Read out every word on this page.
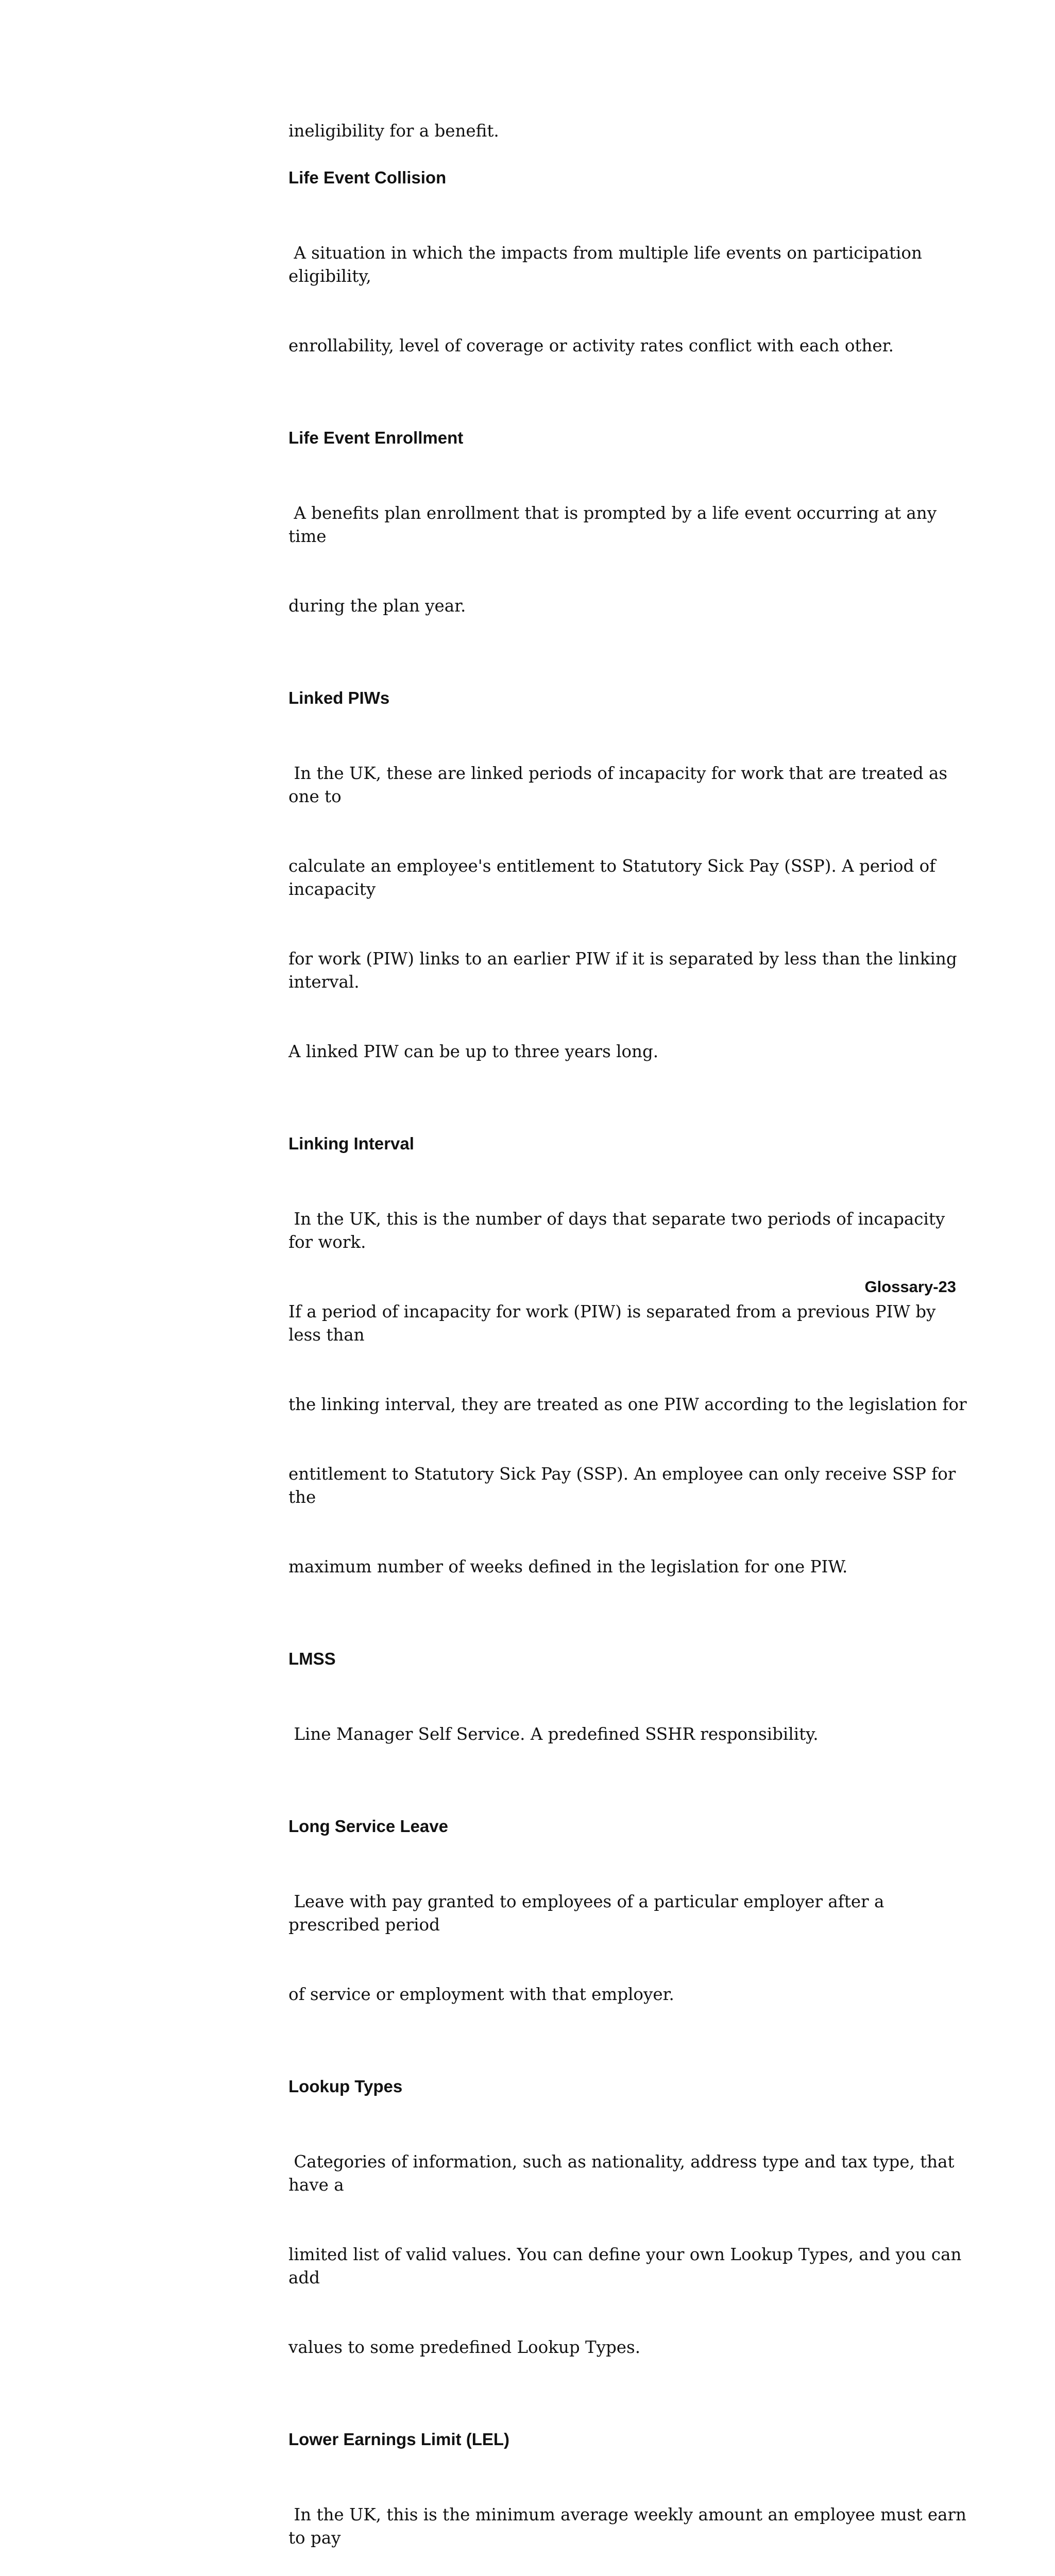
ineligibility for a benefit.

Life Event Collision

A situation in which the impacts from multiple life events on participation eligibility,

enrollability, level of coverage or activity rates conflict with each other.

Life Event Enrollment

A benefits plan enrollment that is prompted by a life event occurring at any time

during the plan year.

Linked PIWs

In the UK, these are linked periods of incapacity for work that are treated as one to

calculate an employee's entitlement to Statutory Sick Pay (SSP). A period of incapacity

for work (PIW) links to an earlier PIW if it is separated by less than the linking interval.

A linked PIW can be up to three years long.

Linking Interval

In the UK, this is the number of days that separate two periods of incapacity for work.

If a period of incapacity for work (PIW) is separated from a previous PIW by less than

the linking interval, they are treated as one PIW according to the legislation for

entitlement to Statutory Sick Pay (SSP). An employee can only receive SSP for the

maximum number of weeks defined in the legislation for one PIW.

LMSS

Line Manager Self Service. A predefined SSHR responsibility.

Long Service Leave

Leave with pay granted to employees of a particular employer after a prescribed period

of service or employment with that employer.

Lookup Types

Categories of information, such as nationality, address type and tax type, that have a

limited list of valid values. You can define your own Lookup Types, and you can add

values to some predefined Lookup Types.

Lower Earnings Limit (LEL)

In the UK, this is the minimum average weekly amount an employee must earn to pay

Glossary-23
